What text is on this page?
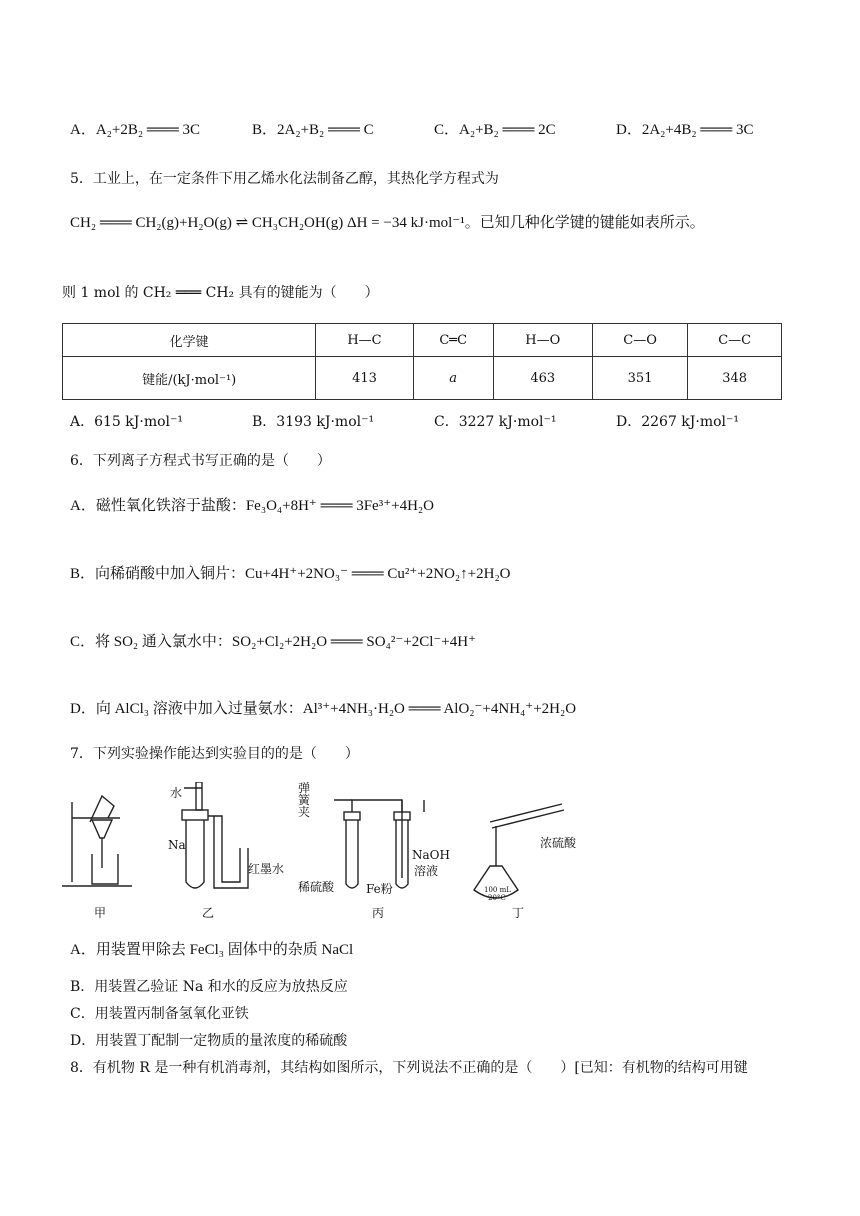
A．A₂+2B₂ ═══ 3C	B．2A₂+B₂ ═══ C	C．A₂+B₂ ═══ 2C	D．2A₂+4B₂ ═══ 3C
5．工业上，在一定条件下用乙烯水化法制备乙醇，其热化学方程式为
CH₂ ═══ CH₂(g)+H₂O(g) ⇌ CH₃CH₂OH(g) ΔH = −34 kJ·mol⁻¹。已知几种化学键的键能如表所示。
则 1 mol 的 CH₂ ═══ CH₂ 具有的键能为（　　）
化学键	H—C	C═C	H—O	C—O	C—C
键能/(kJ·mol⁻¹)	413	a	463	351	348
A．615 kJ·mol⁻¹	B．3193 kJ·mol⁻¹	C．3227 kJ·mol⁻¹	D．2267 kJ·mol⁻¹
6．下列离子方程式书写正确的是（　　）
A．磁性氧化铁溶于盐酸：Fe₃O₄+8H⁺ ═══ 3Fe³⁺+4H₂O
B．向稀硝酸中加入铜片：Cu+4H⁺+2NO₃⁻ ═══ Cu²⁺+2NO₂↑+2H₂O
C．将 SO₂ 通入氯水中：SO₂+Cl₂+2H₂O ═══ SO₄²⁻+2Cl⁻+4H⁺
D．向 AlCl₃ 溶液中加入过量氨水：Al³⁺+4NH₃·H₂O ═══ AlO₂⁻+4NH₄⁺+2H₂O
7．下列实验操作能达到实验目的的是（　　）
水
Na
红墨水
弹簧夹
稀硫酸	Fe粉
NaOH
溶液
浓硫酸
100 mL
20°C
甲	乙	丙	丁
A．用装置甲除去 FeCl₃ 固体中的杂质 NaCl
B．用装置乙验证 Na 和水的反应为放热反应
C．用装置丙制备氢氧化亚铁
D．用装置丁配制一定物质的量浓度的稀硫酸
8．有机物 R 是一种有机消毒剂，其结构如图所示，下列说法不正确的是（　　）[已知：有机物的结构可用键
